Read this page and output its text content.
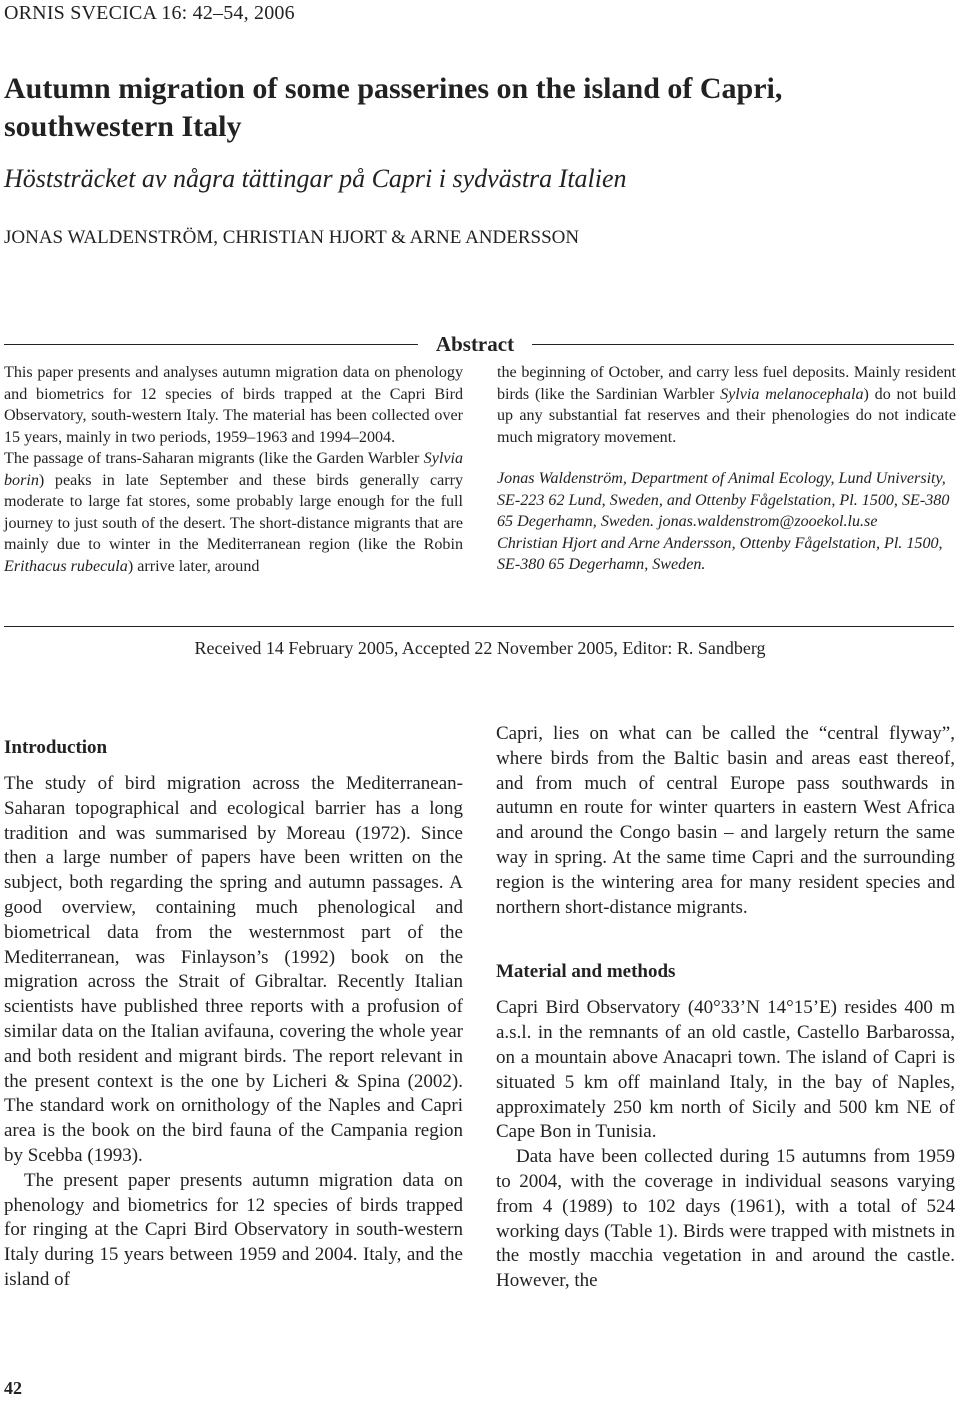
ORNIS SVECICA 16: 42–54, 2006
Autumn migration of some passerines on the island of Capri,
southwestern Italy
Höststräcket av några tättingar på Capri i sydvästra Italien
JONAS WALDENSTRÖM, CHRISTIAN HJORT & ARNE ANDERSSON
Abstract

This paper presents and analyses autumn migration data on phenology and biometrics for 12 species of birds trapped at the Capri Bird Observatory, south-western Italy. The material has been collected over 15 years, mainly in two periods, 1959–1963 and 1994–2004.

The passage of trans-Saharan migrants (like the Garden Warbler Sylvia borin) peaks in late September and these birds generally carry moderate to large fat stores, some probably large enough for the full journey to just south of the desert. The short-distance migrants that are mainly due to winter in the Mediterranean region (like the Robin Erithacus rubecula) arrive later, around

the beginning of October, and carry less fuel deposits. Mainly resident birds (like the Sardinian Warbler Sylvia melanocephala) do not build up any substantial fat reserves and their phenologies do not indicate much migratory movement.

Jonas Waldenström, Department of Animal Ecology, Lund University, SE-223 62 Lund, Sweden, and Ottenby Fågelstation, Pl. 1500, SE-380 65 Degerhamn, Sweden. jonas.waldenstrom@zooekol.lu.se

Christian Hjort and Arne Andersson, Ottenby Fågelstation, Pl. 1500, SE-380 65 Degerhamn, Sweden.

Received 14 February 2005, Accepted 22 November 2005, Editor: R. Sandberg
Introduction

The study of bird migration across the Mediterranean-Saharan topographical and ecological barrier has a long tradition and was summarised by Moreau (1972). Since then a large number of papers have been written on the subject, both regarding the spring and autumn passages. A good overview, containing much phenological and biometrical data from the westernmost part of the Mediterranean, was Finlayson’s (1992) book on the migration across the Strait of Gibraltar. Recently Italian scientists have published three reports with a profusion of similar data on the Italian avifauna, covering the whole year and both resident and migrant birds. The report relevant in the present context is the one by Licheri & Spina (2002). The standard work on ornithology of the Naples and Capri area is the book on the bird fauna of the Campania region by Scebba (1993).

The present paper presents autumn migration data on phenology and biometrics for 12 species of birds trapped for ringing at the Capri Bird Observatory in south-western Italy during 15 years between 1959 and 2004. Italy, and the island of

Capri, lies on what can be called the “central flyway”, where birds from the Baltic basin and areas east thereof, and from much of central Europe pass southwards in autumn en route for winter quarters in eastern West Africa and around the Congo basin – and largely return the same way in spring. At the same time Capri and the surrounding region is the wintering area for many resident species and northern short-distance migrants.

Material and methods

Capri Bird Observatory (40°33’N 14°15’E) resides 400 m a.s.l. in the remnants of an old castle, Castello Barbarossa, on a mountain above Anacapri town. The island of Capri is situated 5 km off mainland Italy, in the bay of Naples, approximately 250 km north of Sicily and 500 km NE of Cape Bon in Tunisia.

Data have been collected during 15 autumns from 1959 to 2004, with the coverage in individual seasons varying from 4 (1989) to 102 days (1961), with a total of 524 working days (Table 1). Birds were trapped with mistnets in the mostly macchia vegetation in and around the castle. However, the

42
